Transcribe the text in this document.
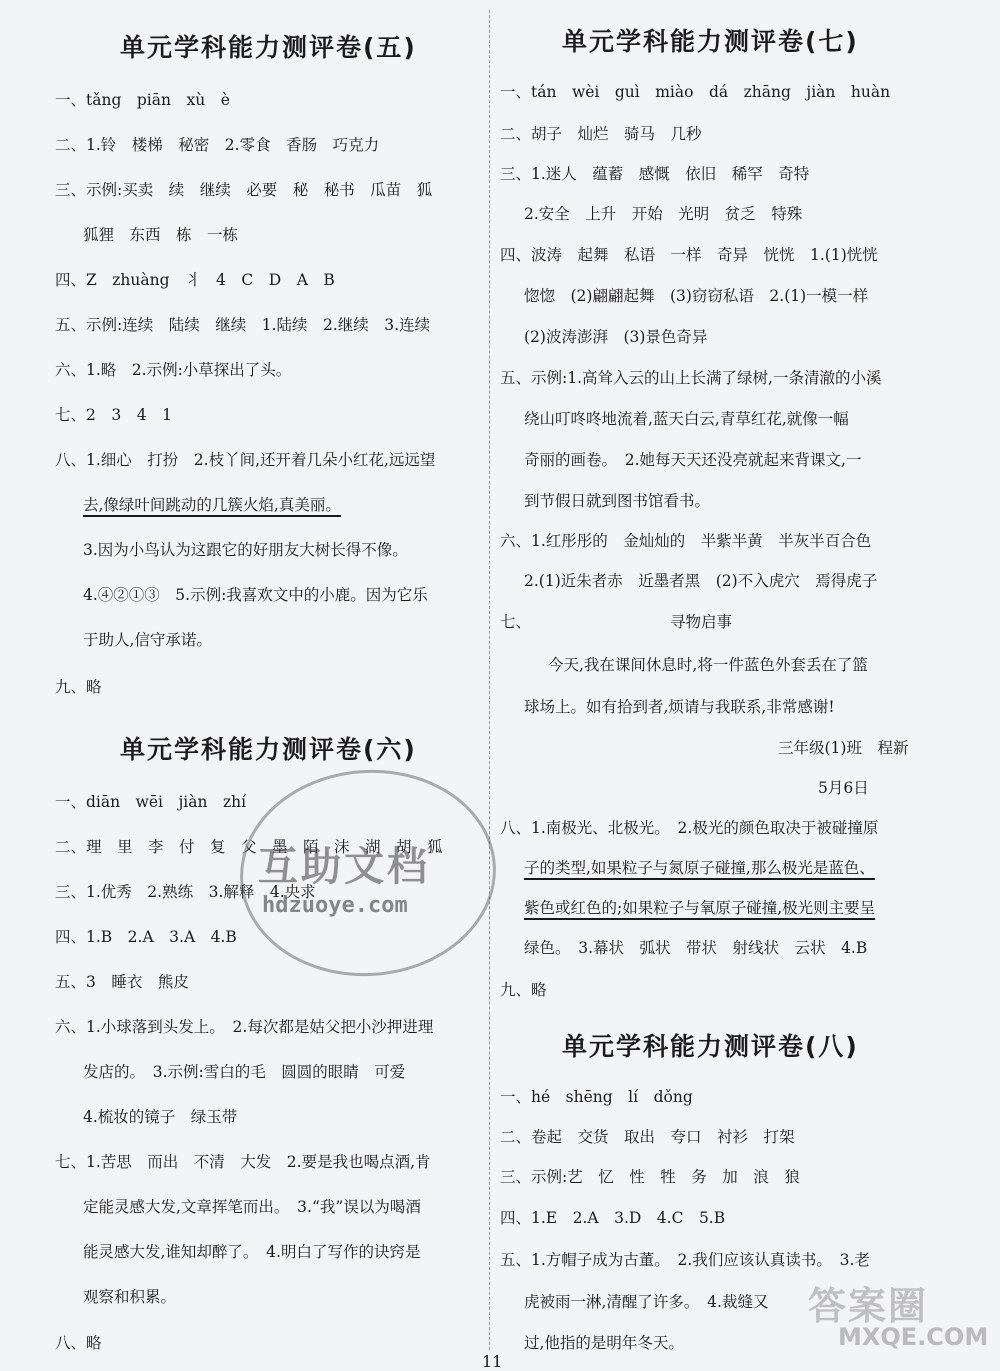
单元学科能力测评卷(五)
一、tǎng　piān　xù　è
二、1.铃　楼梯　秘密　2.零食　香肠　巧克力
三、示例:买卖　续　继续　必要　秘　秘书　瓜苗　狐
狐狸　东西　栋　一栋
四、Z　zhuàng　丬　4　C　D　A　B
五、示例:连续　陆续　继续　1.陆续　2.继续　3.连续
六、1.略　2.示例:小草探出了头。
七、2　3　4　1
八、1.细心　打扮　2.枝丫间,还开着几朵小红花,远远望
去,像绿叶间跳动的几簇火焰,真美丽。
3.因为小鸟认为这跟它的好朋友大树长得不像。
4.④②①③　5.示例:我喜欢文中的小鹿。因为它乐
于助人,信守承诺。
九、略
单元学科能力测评卷(六)
一、diān　wēi　jiàn　zhí
二、理　里　李　付　复　父　墨　陌　沫　湖　胡　狐
三、1.优秀　2.熟练　3.解释　4.央求
四、1.B　2.A　3.A　4.B
五、3　睡衣　熊皮
六、1.小球落到头发上。　2.每次都是姑父把小沙押进理
发店的。　3.示例:雪白的毛　圆圆的眼睛　可爱
4.梳妆的镜子　绿玉带
七、1.苦思　而出　不清　大发　2.要是我也喝点酒,肯
定能灵感大发,文章挥笔而出。　3.“我”误以为喝酒
能灵感大发,谁知却醉了。　4.明白了写作的诀窍是
观察和积累。
八、略
单元学科能力测评卷(七)
一、tán　wèi　guì　miào　dá　zhāng　jiàn　huàn
二、胡子　灿烂　骑马　几秒
三、1.迷人　蕴蓄　感慨　依旧　稀罕　奇特
2.安全　上升　开始　光明　贫乏　特殊
四、波涛　起舞　私语　一样　奇异　恍恍　1.(1)恍恍
惚惚　(2)翩翩起舞　(3)窃窃私语　2.(1)一模一样
(2)波涛澎湃　(3)景色奇异
五、示例:1.高耸入云的山上长满了绿树,一条清澈的小溪
绕山叮咚咚地流着,蓝天白云,青草红花,就像一幅
奇丽的画卷。　2.她每天天还没亮就起来背课文,一
到节假日就到图书馆看书。
六、1.红彤彤的　金灿灿的　半紫半黄　半灰半百合色
2.(1)近朱者赤　近墨者黑　(2)不入虎穴　焉得虎子
七、	寻物启事
今天,我在课间休息时,将一件蓝色外套丢在了篮
球场上。如有拾到者,烦请与我联系,非常感谢!
三年级(1)班　程新
5月6日
八、1.南极光、北极光。　2.极光的颜色取决于被碰撞原
子的类型,如果粒子与氮原子碰撞,那么极光是蓝色、
紫色或红色的;如果粒子与氧原子碰撞,极光则主要呈
绿色。　3.幕状　弧状　带状　射线状　云状　4.B
九、略
单元学科能力测评卷(八)
一、hé　shēng　lí　dǒng
二、卷起　交货　取出　夸口　衬衫　打架
三、示例:艺　忆　性　牲　务　加　浪　狼
四、1.E　2.A　3.D　4.C　5.B
五、1.方帽子成为古董。　2.我们应该认真读书。　3.老
虎被雨一淋,清醒了许多。　4.裁缝又
过,他指的是明年冬天。
互助文档
hdzuoye.com
答案圈
MXQE.COM
11
